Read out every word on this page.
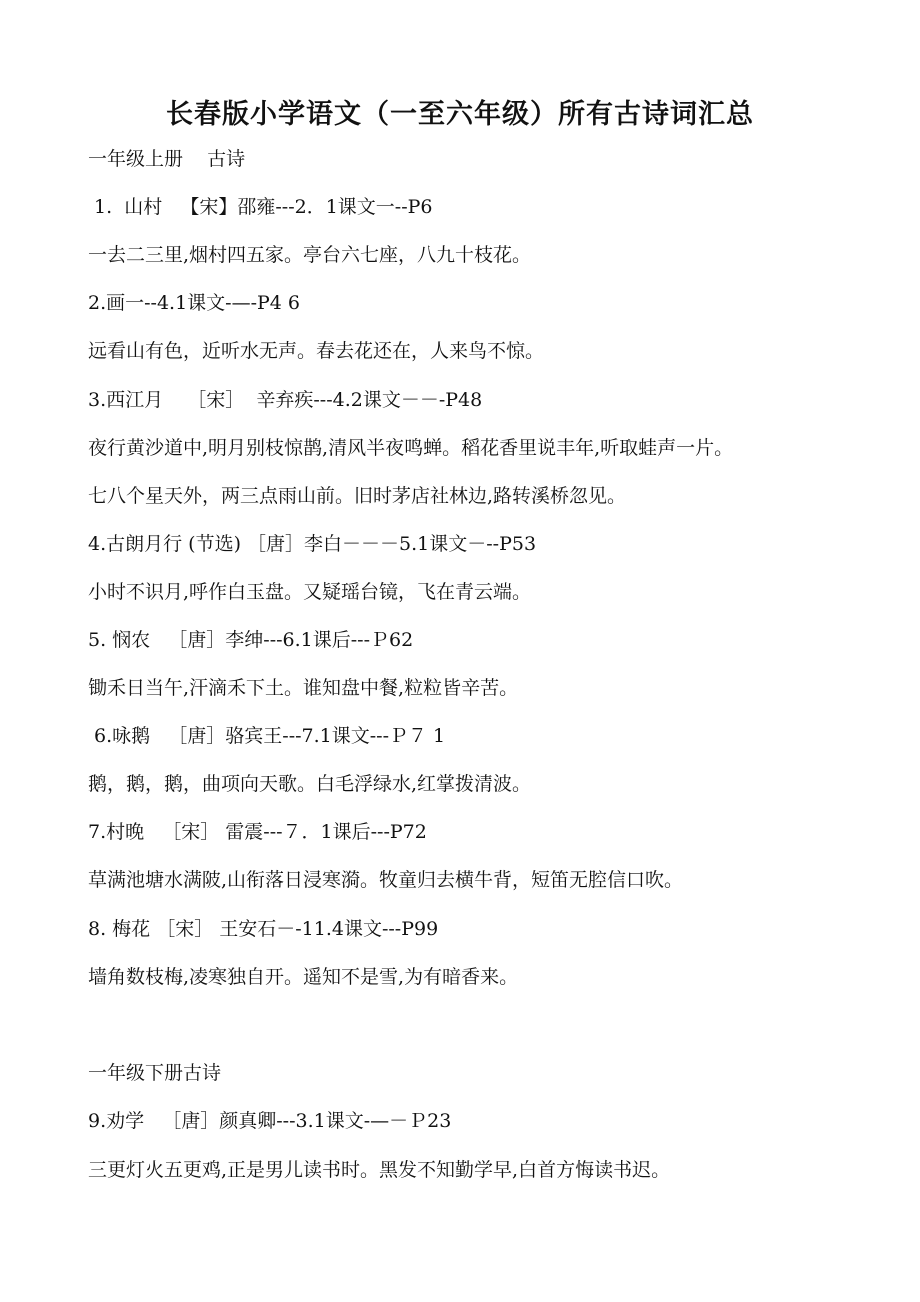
长春版小学语文（一至六年级）所有古诗词汇总
一年级上册    古诗
1.  山村   【宋】邵雍---2．1课文一--P6
一去二三里,烟村四五家。亭台六七座，八九十枝花。
2.画一--4.1课文-—-P4 6
远看山有色，近听水无声。春去花还在，人来鸟不惊。
3.西江月    ［宋］  辛弃疾---4.2课文－－-P48
夜行黄沙道中,明月别枝惊鹊,清风半夜鸣蝉。稻花香里说丰年,听取蛙声一片。
七八个星天外，两三点雨山前。旧时茅店社林边,路转溪桥忽见。
4.古朗月行 (节选) ［唐］李白－－－5.1课文－--P53
小时不识月,呼作白玉盘。又疑瑶台镜，飞在青云端。
5. 悯农   ［唐］李绅---6.1课后---Ｐ62
锄禾日当午,汗滴禾下土。谁知盘中餐,粒粒皆辛苦。
6.咏鹅   ［唐］骆宾王---7.1课文---Ｐ７ 1
鹅，鹅，鹅，曲项向天歌。白毛浮绿水,红掌拨清波。
7.村晚   ［宋］ 雷震---７．1课后---P72
草满池塘水满陂,山衔落日浸寒漪。牧童归去横牛背，短笛无腔信口吹。
8. 梅花 ［宋］ 王安石－-11.4课文---P99
墙角数枝梅,凌寒独自开。遥知不是雪,为有暗香来。
一年级下册古诗
9.劝学   ［唐］颜真卿---3.1课文-—－Ｐ23
三更灯火五更鸡,正是男儿读书时。黑发不知勤学早,白首方悔读书迟。
